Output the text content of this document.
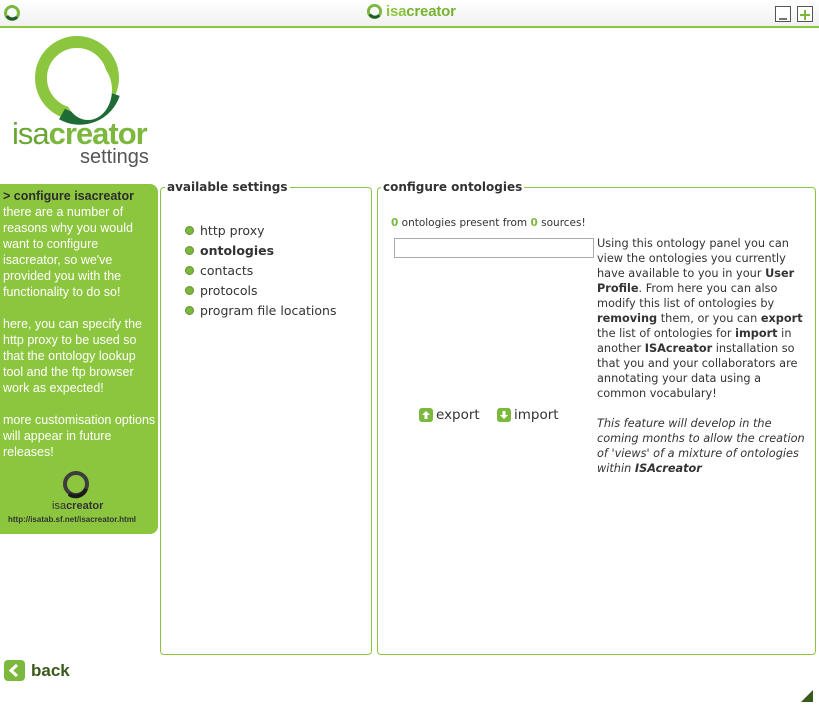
isacreator
isacreator
settings

> configure isacreator

there are a number of reasons why you would want to configure isacreator, so we've provided you with the functionality to do so!

here, you can specify the http proxy to be used so that the ontology lookup tool and the ftp browser work as expected!

more customisation options will appear in future releases!

isacreator
http://isatab.sf.net/isacreator.html
available settings
http proxy
ontologies
contacts
protocols
program file locations
configure ontologies
0 ontologies present from 0 sources!

Using this ontology panel you can view the ontologies you currently have available to you in your User Profile. From here you can also modify this list of ontologies by removing them, or you can export the list of ontologies for import in another ISAcreator installation so that you and your collaborators are annotating your data using a common vocabulary!

This feature will develop in the coming months to allow the creation of 'views' of a mixture of ontologies within ISAcreator

export	import
back
